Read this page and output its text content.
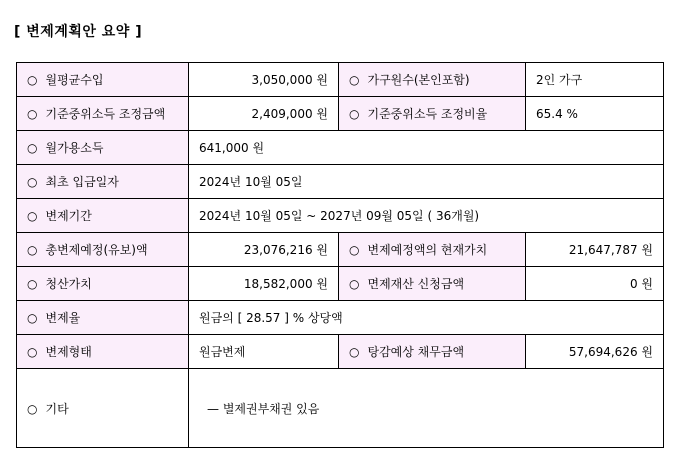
[ 변제계획안 요약 ]
○ 월평균수입	3,050,000 원	○ 가구원수(본인포함)	2인 가구
○ 기준중위소득 조정금액	2,409,000 원	○ 기준중위소득 조정비율	65.4 %
○ 월가용소득	641,000 원		
○ 최초 입금일자	2024년 10월 05일		
○ 변제기간	2024년 10월 05일 ~ 2027년 09월 05일 ( 36개월)		
○ 총변제예정(유보)액	23,076,216 원	○ 변제예정액의 현재가치	21,647,787 원
○ 청산가치	18,582,000 원	○ 면제재산 신청금액	0 원
○ 변제율	원금의 [ 28.57 ] % 상당액		
○ 변제형태	원금변제	○ 탕감예상 채무금액	57,694,626 원
○ 기타	— 별제권부채권 있음		
